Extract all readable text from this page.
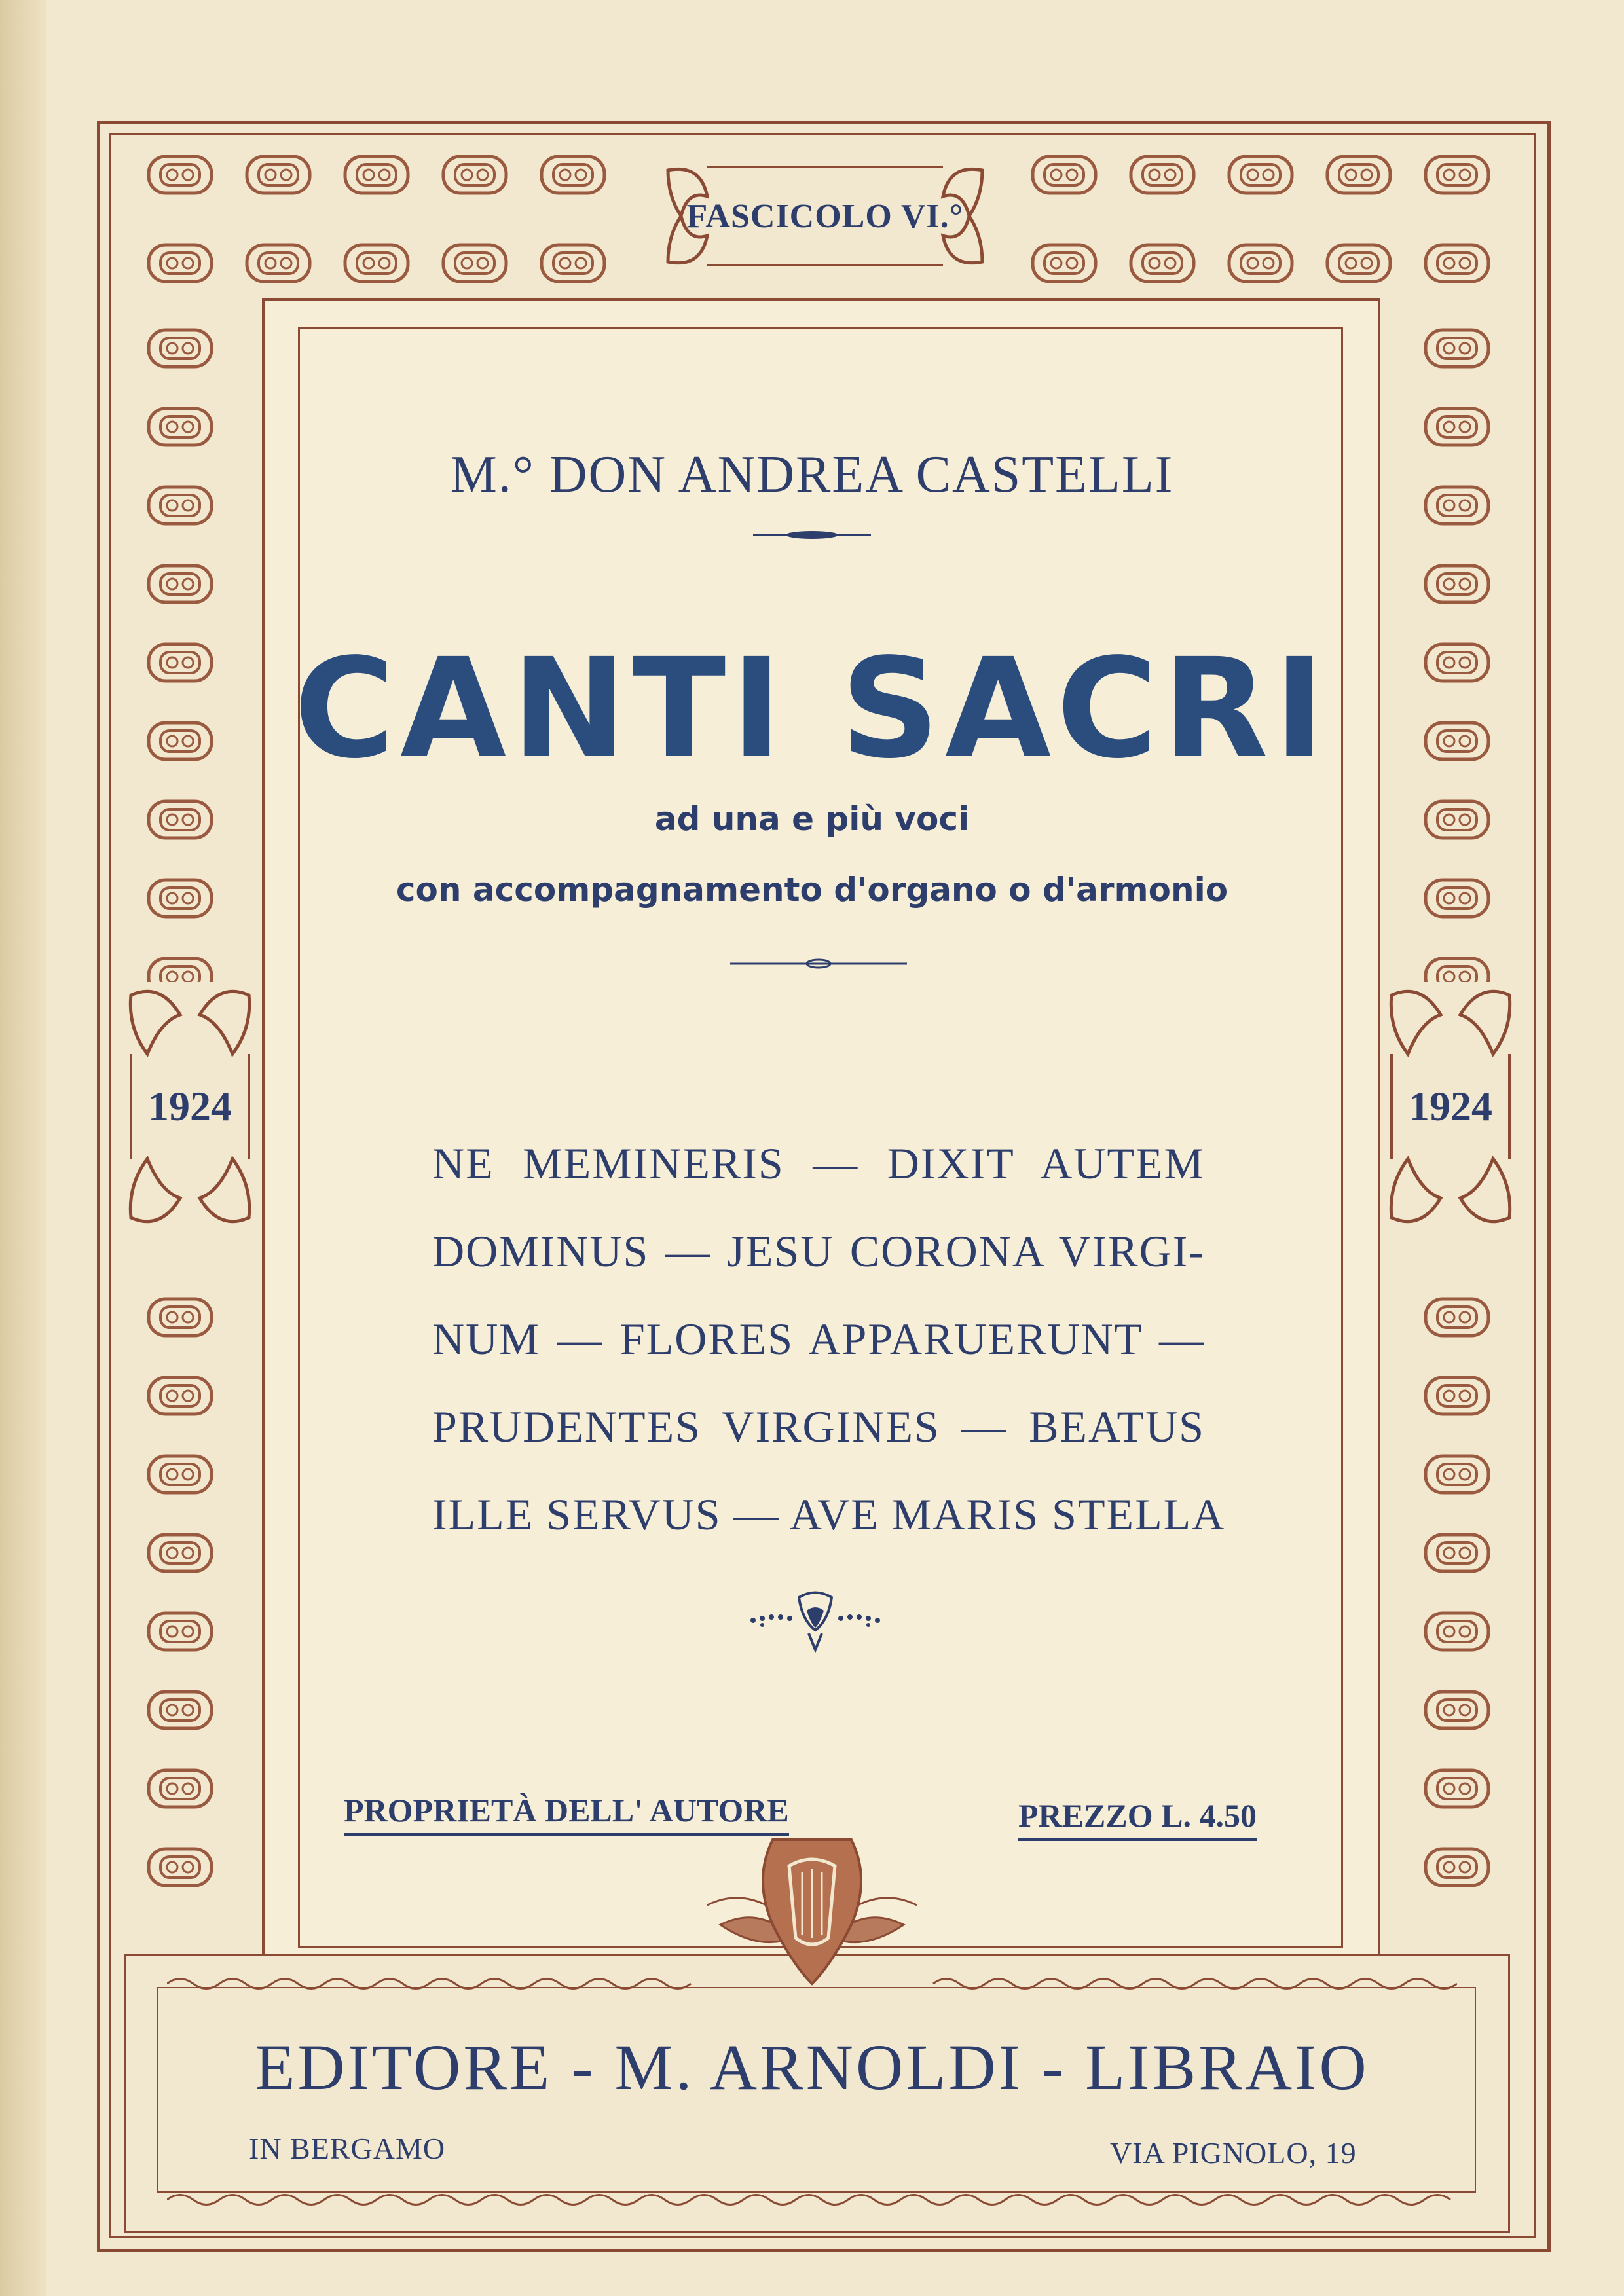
FASCICOLO VI.°
1924	1924
M.° DON ANDREA CASTELLI
CANTI SACRI
ad una e più voci
con accompagnamento d'organo o d'armonio
NE MEMINERIS — DIXIT AUTEM
DOMINUS — JESU CORONA VIRGI-
NUM — FLORES APPARUERUNT —
PRUDENTES VIRGINES — BEATUS
ILLE SERVUS — AVE MARIS STELLA
PROPRIETÀ DELL' AUTORE	PREZZO L. 4.50
EDITORE - M. ARNOLDI - LIBRAIO
IN BERGAMO	VIA PIGNOLO, 19
